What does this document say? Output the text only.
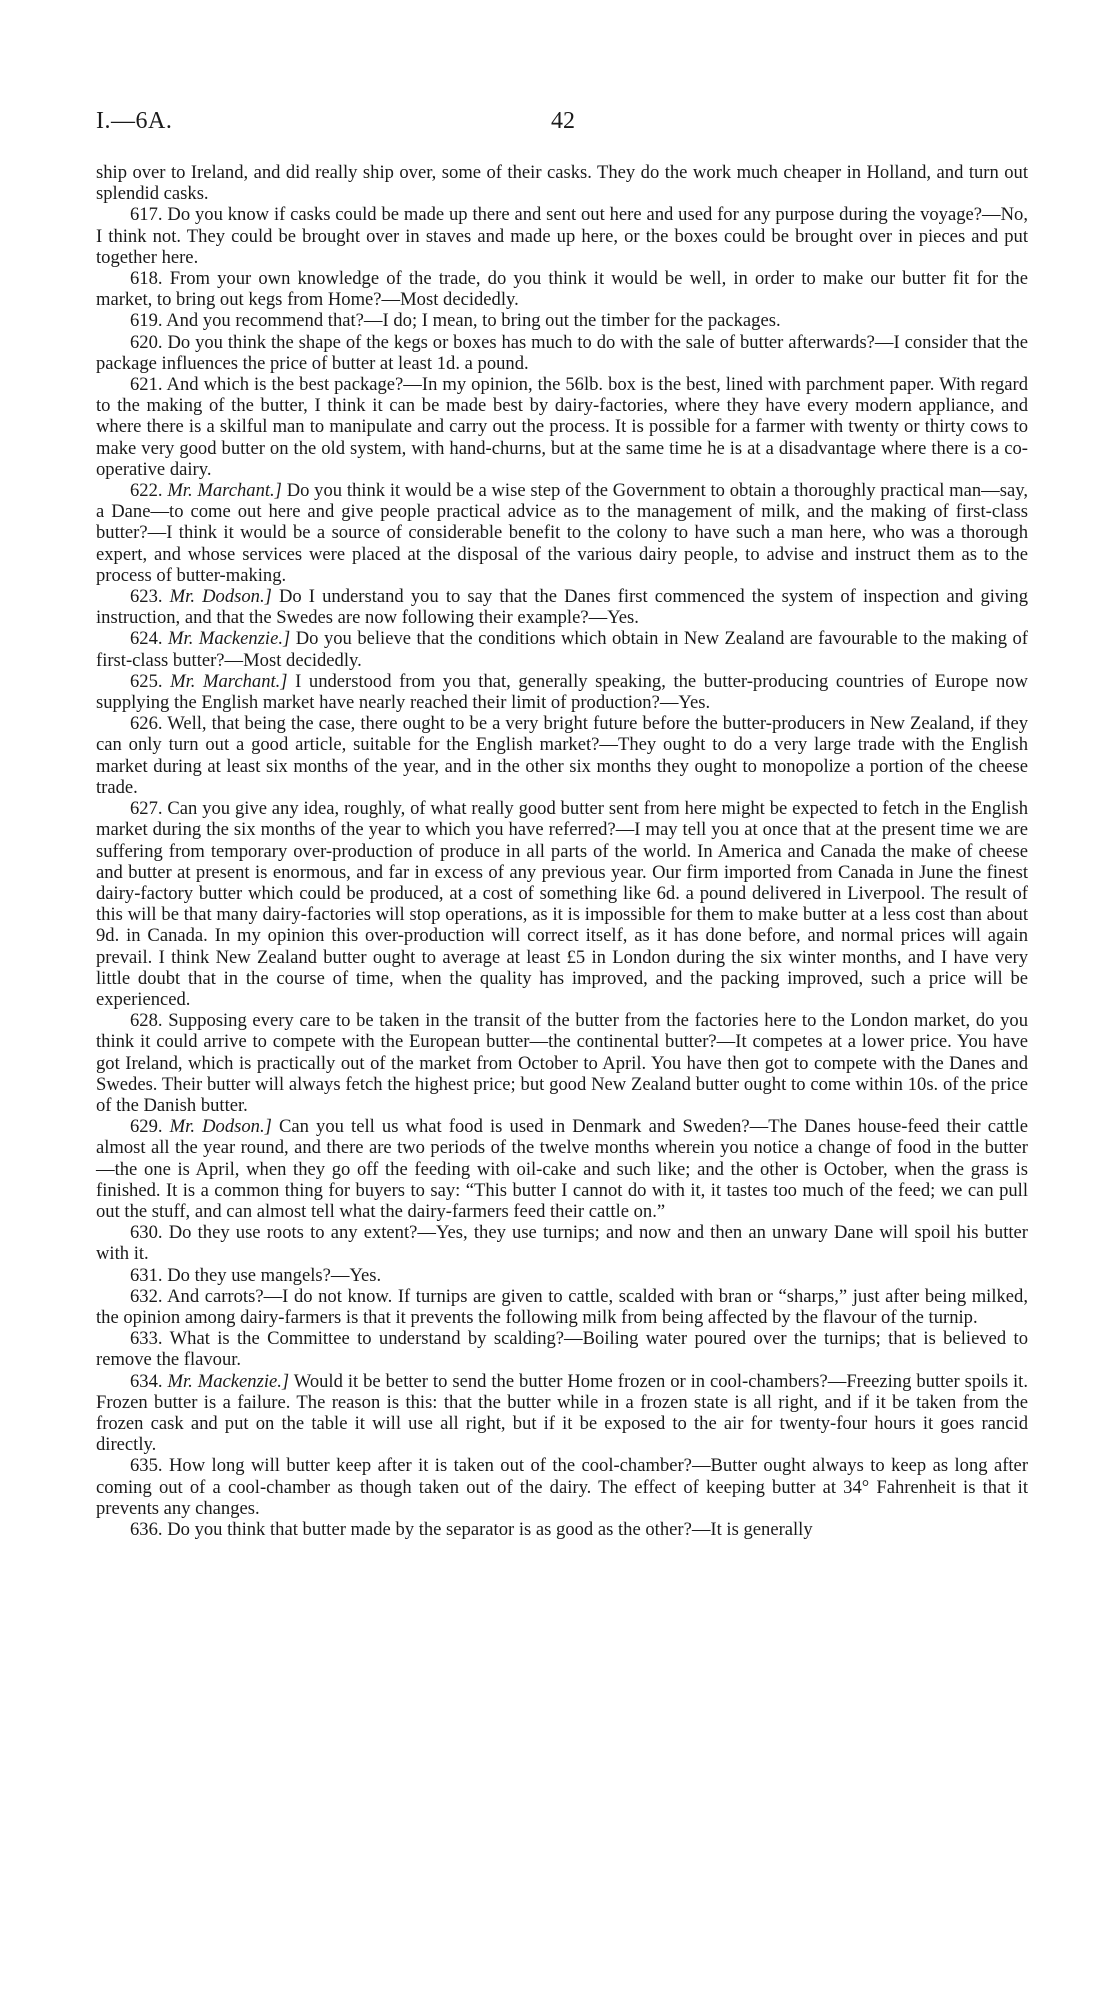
I.—6A.	42

ship over to Ireland, and did really ship over, some of their casks. They do the work much cheaper in Holland, and turn out splendid casks.

617. Do you know if casks could be made up there and sent out here and used for any purpose during the voyage?—No, I think not. They could be brought over in staves and made up here, or the boxes could be brought over in pieces and put together here.

618. From your own knowledge of the trade, do you think it would be well, in order to make our butter fit for the market, to bring out kegs from Home?—Most decidedly.

619. And you recommend that?—I do; I mean, to bring out the timber for the packages.

620. Do you think the shape of the kegs or boxes has much to do with the sale of butter afterwards?—I consider that the package influences the price of butter at least 1d. a pound.

621. And which is the best package?—In my opinion, the 56lb. box is the best, lined with parchment paper. With regard to the making of the butter, I think it can be made best by dairy-factories, where they have every modern appliance, and where there is a skilful man to manipulate and carry out the process. It is possible for a farmer with twenty or thirty cows to make very good butter on the old system, with hand-churns, but at the same time he is at a disadvantage where there is a co-operative dairy.

622. Mr. Marchant.] Do you think it would be a wise step of the Government to obtain a thoroughly practical man—say, a Dane—to come out here and give people practical advice as to the management of milk, and the making of first-class butter?—I think it would be a source of considerable benefit to the colony to have such a man here, who was a thorough expert, and whose services were placed at the disposal of the various dairy people, to advise and instruct them as to the process of butter-making.

623. Mr. Dodson.] Do I understand you to say that the Danes first commenced the system of inspection and giving instruction, and that the Swedes are now following their example?—Yes.

624. Mr. Mackenzie.] Do you believe that the conditions which obtain in New Zealand are favourable to the making of first-class butter?—Most decidedly.

625. Mr. Marchant.] I understood from you that, generally speaking, the butter-producing countries of Europe now supplying the English market have nearly reached their limit of production?—Yes.

626. Well, that being the case, there ought to be a very bright future before the butter-producers in New Zealand, if they can only turn out a good article, suitable for the English market?—They ought to do a very large trade with the English market during at least six months of the year, and in the other six months they ought to monopolize a portion of the cheese trade.

627. Can you give any idea, roughly, of what really good butter sent from here might be expected to fetch in the English market during the six months of the year to which you have referred?—I may tell you at once that at the present time we are suffering from temporary over-production of produce in all parts of the world. In America and Canada the make of cheese and butter at present is enormous, and far in excess of any previous year. Our firm imported from Canada in June the finest dairy-factory butter which could be produced, at a cost of something like 6d. a pound delivered in Liverpool. The result of this will be that many dairy-factories will stop operations, as it is impossible for them to make butter at a less cost than about 9d. in Canada. In my opinion this over-production will correct itself, as it has done before, and normal prices will again prevail. I think New Zealand butter ought to average at least £5 in London during the six winter months, and I have very little doubt that in the course of time, when the quality has improved, and the packing improved, such a price will be experienced.

628. Supposing every care to be taken in the transit of the butter from the factories here to the London market, do you think it could arrive to compete with the European butter—the continental butter?—It competes at a lower price. You have got Ireland, which is practically out of the market from October to April. You have then got to compete with the Danes and Swedes. Their butter will always fetch the highest price; but good New Zealand butter ought to come within 10s. of the price of the Danish butter.

629. Mr. Dodson.] Can you tell us what food is used in Denmark and Sweden?—The Danes house-feed their cattle almost all the year round, and there are two periods of the twelve months wherein you notice a change of food in the butter—the one is April, when they go off the feeding with oil-cake and such like; and the other is October, when the grass is finished. It is a common thing for buyers to say: “This butter I cannot do with it, it tastes too much of the feed; we can pull out the stuff, and can almost tell what the dairy-farmers feed their cattle on.”

630. Do they use roots to any extent?—Yes, they use turnips; and now and then an unwary Dane will spoil his butter with it.

631. Do they use mangels?—Yes.

632. And carrots?—I do not know. If turnips are given to cattle, scalded with bran or “sharps,” just after being milked, the opinion among dairy-farmers is that it prevents the following milk from being affected by the flavour of the turnip.

633. What is the Committee to understand by scalding?—Boiling water poured over the turnips; that is believed to remove the flavour.

634. Mr. Mackenzie.] Would it be better to send the butter Home frozen or in cool-chambers?—Freezing butter spoils it. Frozen butter is a failure. The reason is this: that the butter while in a frozen state is all right, and if it be taken from the frozen cask and put on the table it will use all right, but if it be exposed to the air for twenty-four hours it goes rancid directly.

635. How long will butter keep after it is taken out of the cool-chamber?—Butter ought always to keep as long after coming out of a cool-chamber as though taken out of the dairy. The effect of keeping butter at 34° Fahrenheit is that it prevents any changes.

636. Do you think that butter made by the separator is as good as the other?—It is generally
